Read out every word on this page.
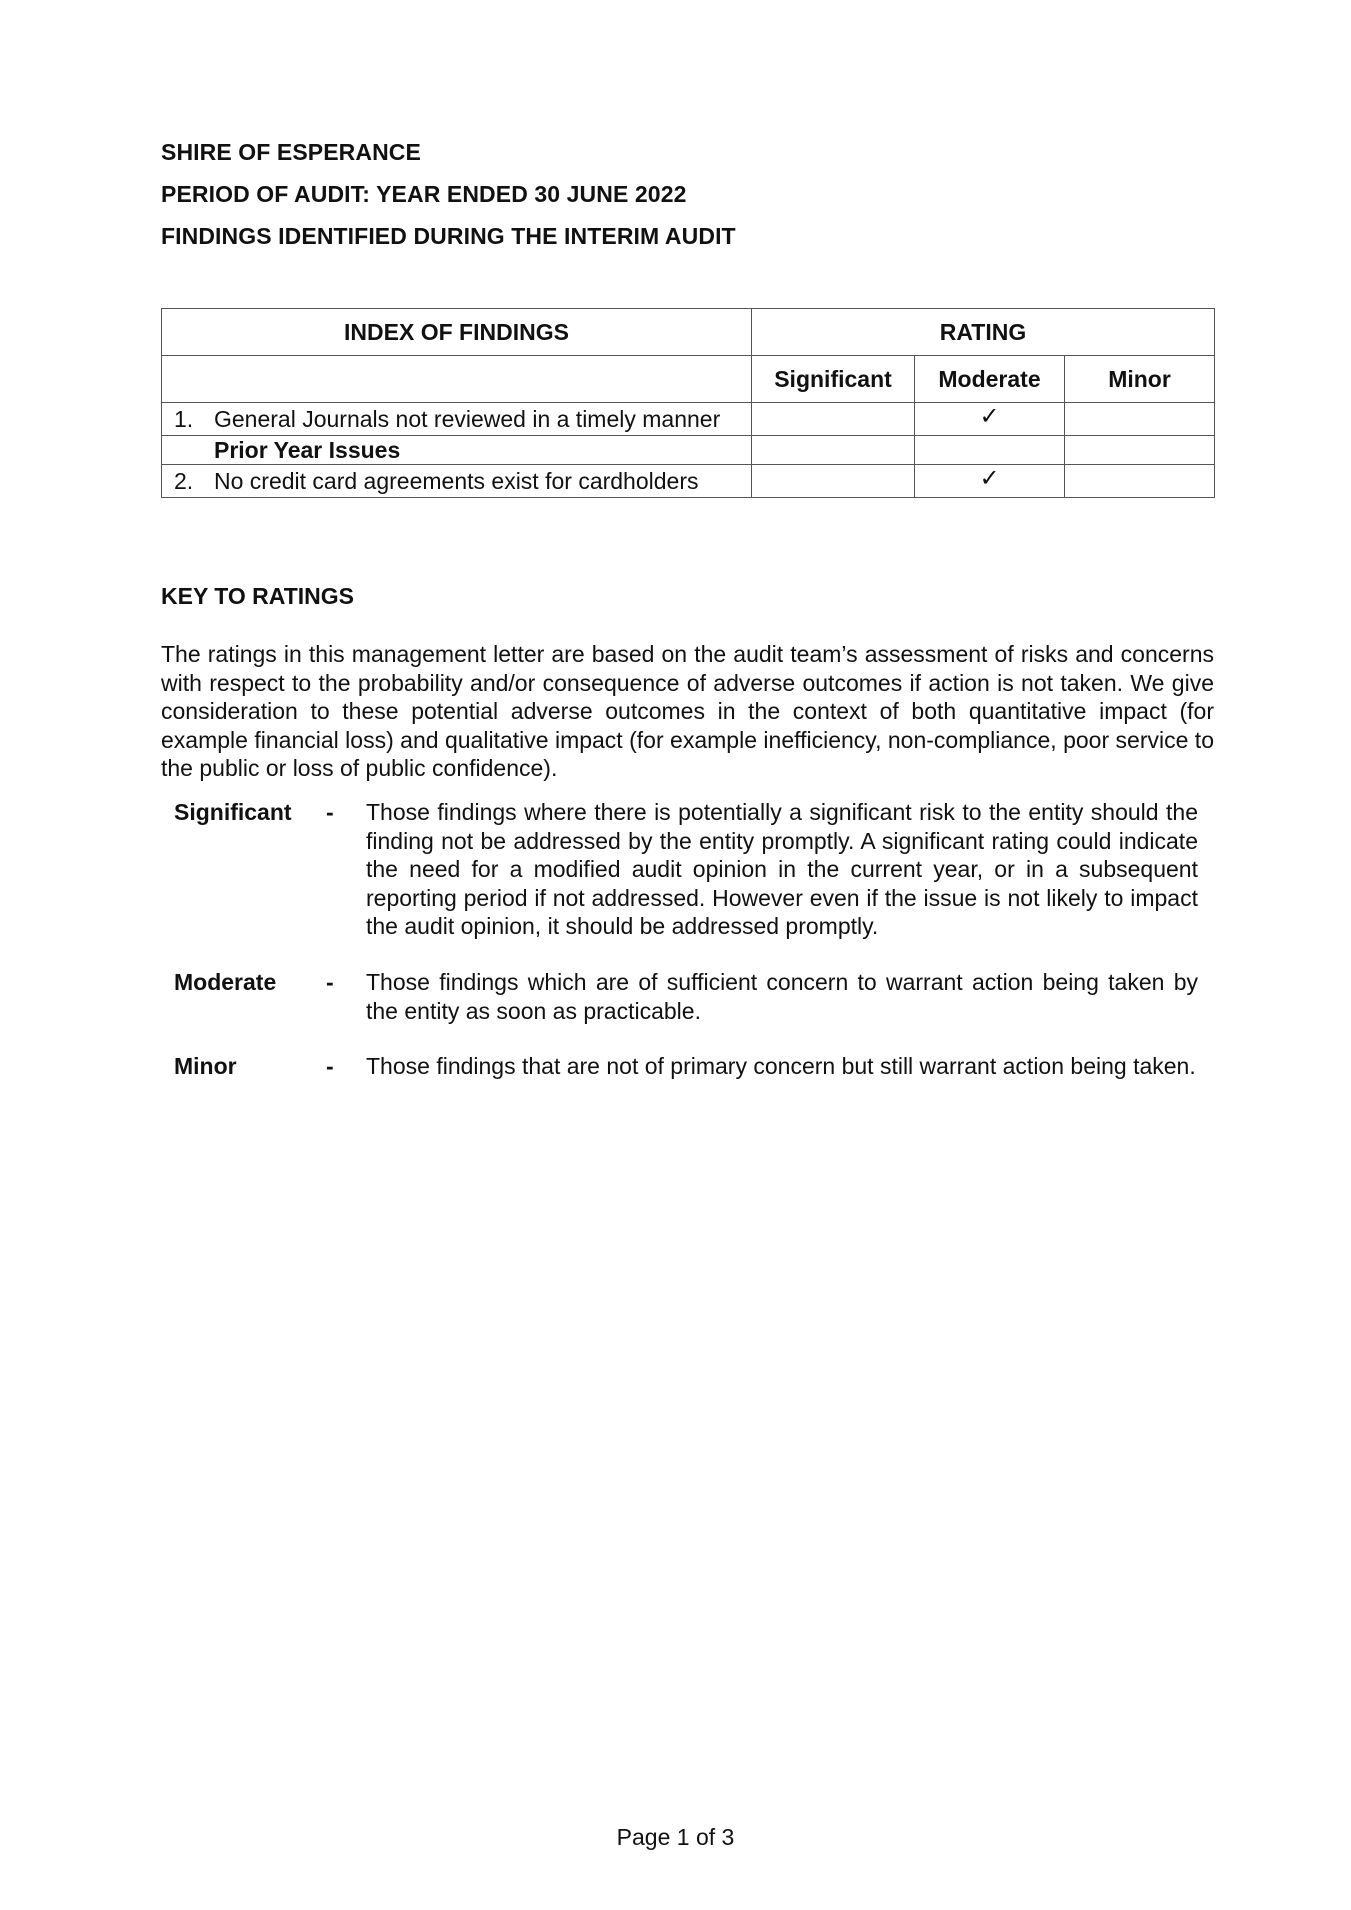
SHIRE OF ESPERANCE
PERIOD OF AUDIT: YEAR ENDED 30 JUNE 2022
FINDINGS IDENTIFIED DURING THE INTERIM AUDIT
INDEX OF FINDINGS	RATING		
	Significant	Moderate	Minor

1. General Journals not reviewed in a timely manner		✓	
Prior Year Issues			

2. No credit card agreements exist for cardholders		✓	
KEY TO RATINGS
The ratings in this management letter are based on the audit team’s assessment of risks and concerns with respect to the probability and/or consequence of adverse outcomes if action is not taken. We give consideration to these potential adverse outcomes in the context of both quantitative impact (for example financial loss) and qualitative impact (for example inefficiency, non-compliance, poor service to the public or loss of public confidence).
Significant	-	Those findings where there is potentially a significant risk to the entity should the finding not be addressed by the entity promptly. A significant rating could indicate the need for a modified audit opinion in the current year, or in a subsequent reporting period if not addressed. However even if the issue is not likely to impact the audit opinion, it should be addressed promptly.
Moderate	-	Those findings which are of sufficient concern to warrant action being taken by the entity as soon as practicable.
Minor	-	Those findings that are not of primary concern but still warrant action being taken.
Page 1 of 3
